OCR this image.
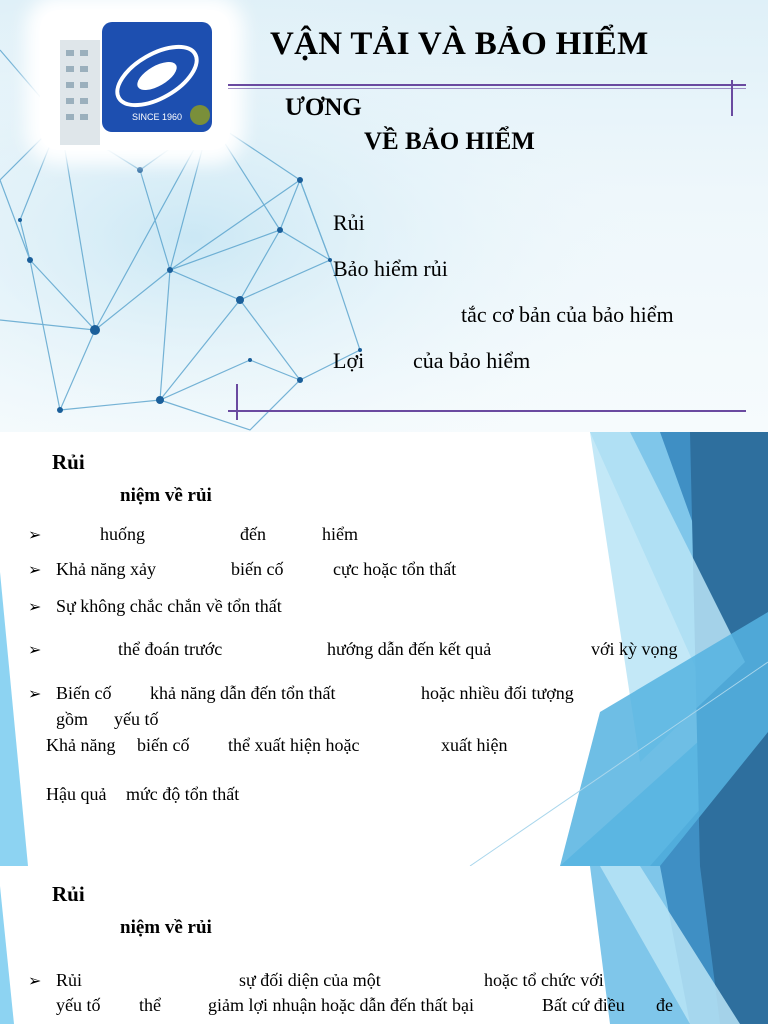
SINCE 1960
VẬN TẢI VÀ BẢO HIỂM
ƯƠNG
VỀ BẢO HIỂM
Rủi
Bảo hiểm rủi
tắc cơ bản của bảo hiểm
Lợi của bảo hiểm
Rủi
niệm về rủi
➢	huống	đến	hiểm
➢ Khả năng xảy	biến cố	cực hoặc tổn thất
➢ Sự không chắc chắn về tổn thất
➢	thể đoán trước	hướng dẫn đến kết quả	với kỳ vọng
➢ Biến cố khả năng dẫn đến tổn thất	hoặc nhiều đối tượng
gồm yếu tố
Khả năng biến cố thể xuất hiện hoặc	xuất hiện
Hậu quả mức độ tổn thất
Rủi
niệm về rủi
➢ Rủi	sự đối diện của một	hoặc tổ chức với
yếu tố thể	giảm lợi nhuận hoặc dẫn đến thất bại	Bất cứ điều đe
